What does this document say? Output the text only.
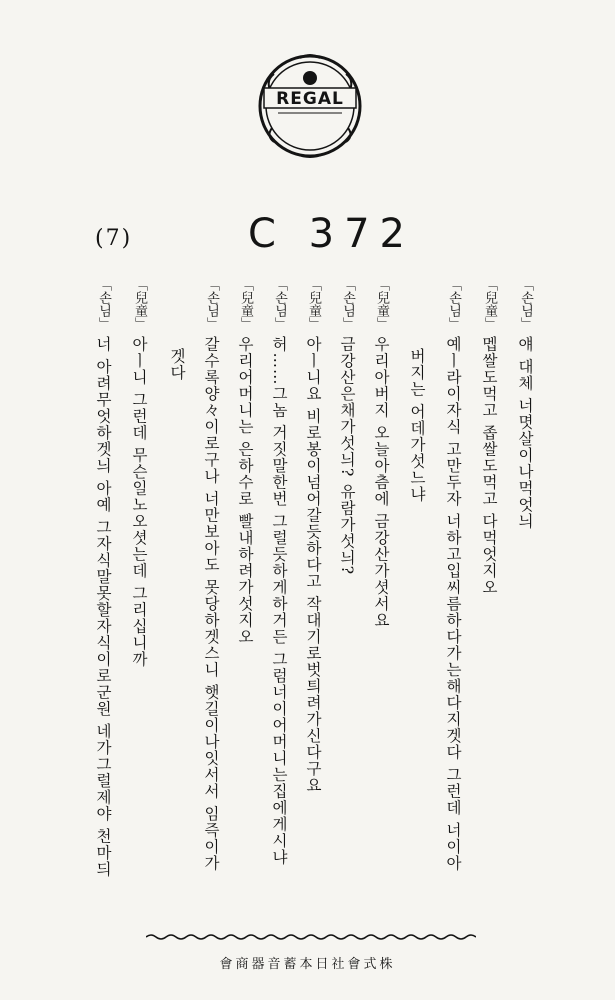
REGAL
(7)	C 372
「손님」얘 대체 너몃살이나먹엇늬
「兒童」멥쌀도먹고 좁쌀도먹고 다먹엇지오
「손님」예ㅣ라이자식 고만두자 너하고입씨름하다가는해다지겟다 그런데 너이아
버지는 어데가섯느냐
「兒童」우리아버지 오늘아츰에 금강산가셧서요
「손님」금강산은채가섯늬? 유람가섯늬?
「兒童」아ㅣ니요 비로봉이넘어갈듯하다고 작대기로벗틔려가신다구요
「손님」허……그놈 거짓말한번 그럴듯하게하거든 그럼너이어머니는집에게시냐
「兒童」우리어머니는 은하수로 빨내하려가섯지오
「손님」갈수록양々이로구나 너만보아도 못당하겟스니 햇길이나잇서서 임즉이가
겟다
「兒童」아ㅣ니 그런데 무슨일노오셧는데 그리십니까
「손님」너 아려무엇하겟늬 아예 그자식말못할자식이로군원 네가그럴제야 천마듸
會商器音蓄本日社會式株
